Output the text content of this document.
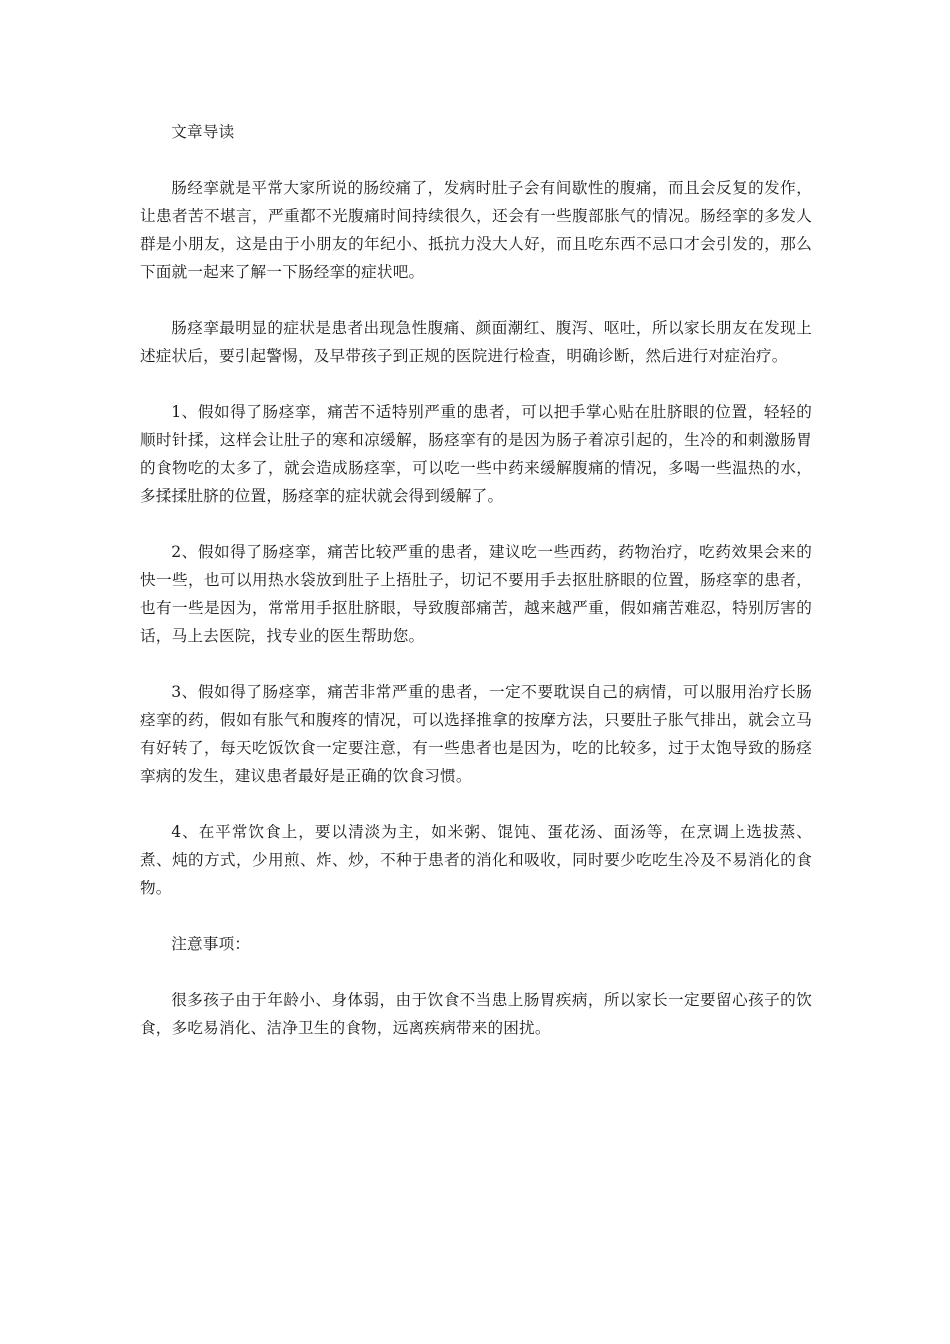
文章导读

肠经挛就是平常大家所说的肠绞痛了，发病时肚子会有间歇性的腹痛，而且会反复的发作，让患者苦不堪言，严重都不光腹痛时间持续很久，还会有一些腹部胀气的情况。肠经挛的多发人群是小朋友，这是由于小朋友的年纪小、抵抗力没大人好，而且吃东西不忌口才会引发的，那么下面就一起来了解一下肠经挛的症状吧。

肠痉挛最明显的症状是患者出现急性腹痛、颜面潮红、腹泻、呕吐，所以家长朋友在发现上述症状后，要引起警惕，及早带孩子到正规的医院进行检查，明确诊断，然后进行对症治疗。

1、假如得了肠痉挛，痛苦不适特别严重的患者，可以把手掌心贴在肚脐眼的位置，轻轻的顺时针揉，这样会让肚子的寒和凉缓解，肠痉挛有的是因为肠子着凉引起的，生冷的和刺激肠胃的食物吃的太多了，就会造成肠痉挛，可以吃一些中药来缓解腹痛的情况，多喝一些温热的水，多揉揉肚脐的位置，肠痉挛的症状就会得到缓解了。

2、假如得了肠痉挛，痛苦比较严重的患者，建议吃一些西药，药物治疗，吃药效果会来的快一些，也可以用热水袋放到肚子上捂肚子，切记不要用手去抠肚脐眼的位置，肠痉挛的患者，也有一些是因为，常常用手抠肚脐眼，导致腹部痛苦，越来越严重，假如痛苦难忍，特别厉害的话，马上去医院，找专业的医生帮助您。

3、假如得了肠痉挛，痛苦非常严重的患者，一定不要耽误自己的病情，可以服用治疗长肠痉挛的药，假如有胀气和腹疼的情况，可以选择推拿的按摩方法，只要肚子胀气排出，就会立马有好转了，每天吃饭饮食一定要注意，有一些患者也是因为，吃的比较多，过于太饱导致的肠痉挛病的发生，建议患者最好是正确的饮食习惯。

4、在平常饮食上，要以清淡为主，如米粥、馄饨、蛋花汤、面汤等，在烹调上选拔蒸、煮、炖的方式，少用煎、炸、炒，不种于患者的消化和吸收，同时要少吃吃生冷及不易消化的食物。

注意事项：

很多孩子由于年龄小、身体弱，由于饮食不当患上肠胃疾病，所以家长一定要留心孩子的饮食，多吃易消化、洁净卫生的食物，远离疾病带来的困扰。
